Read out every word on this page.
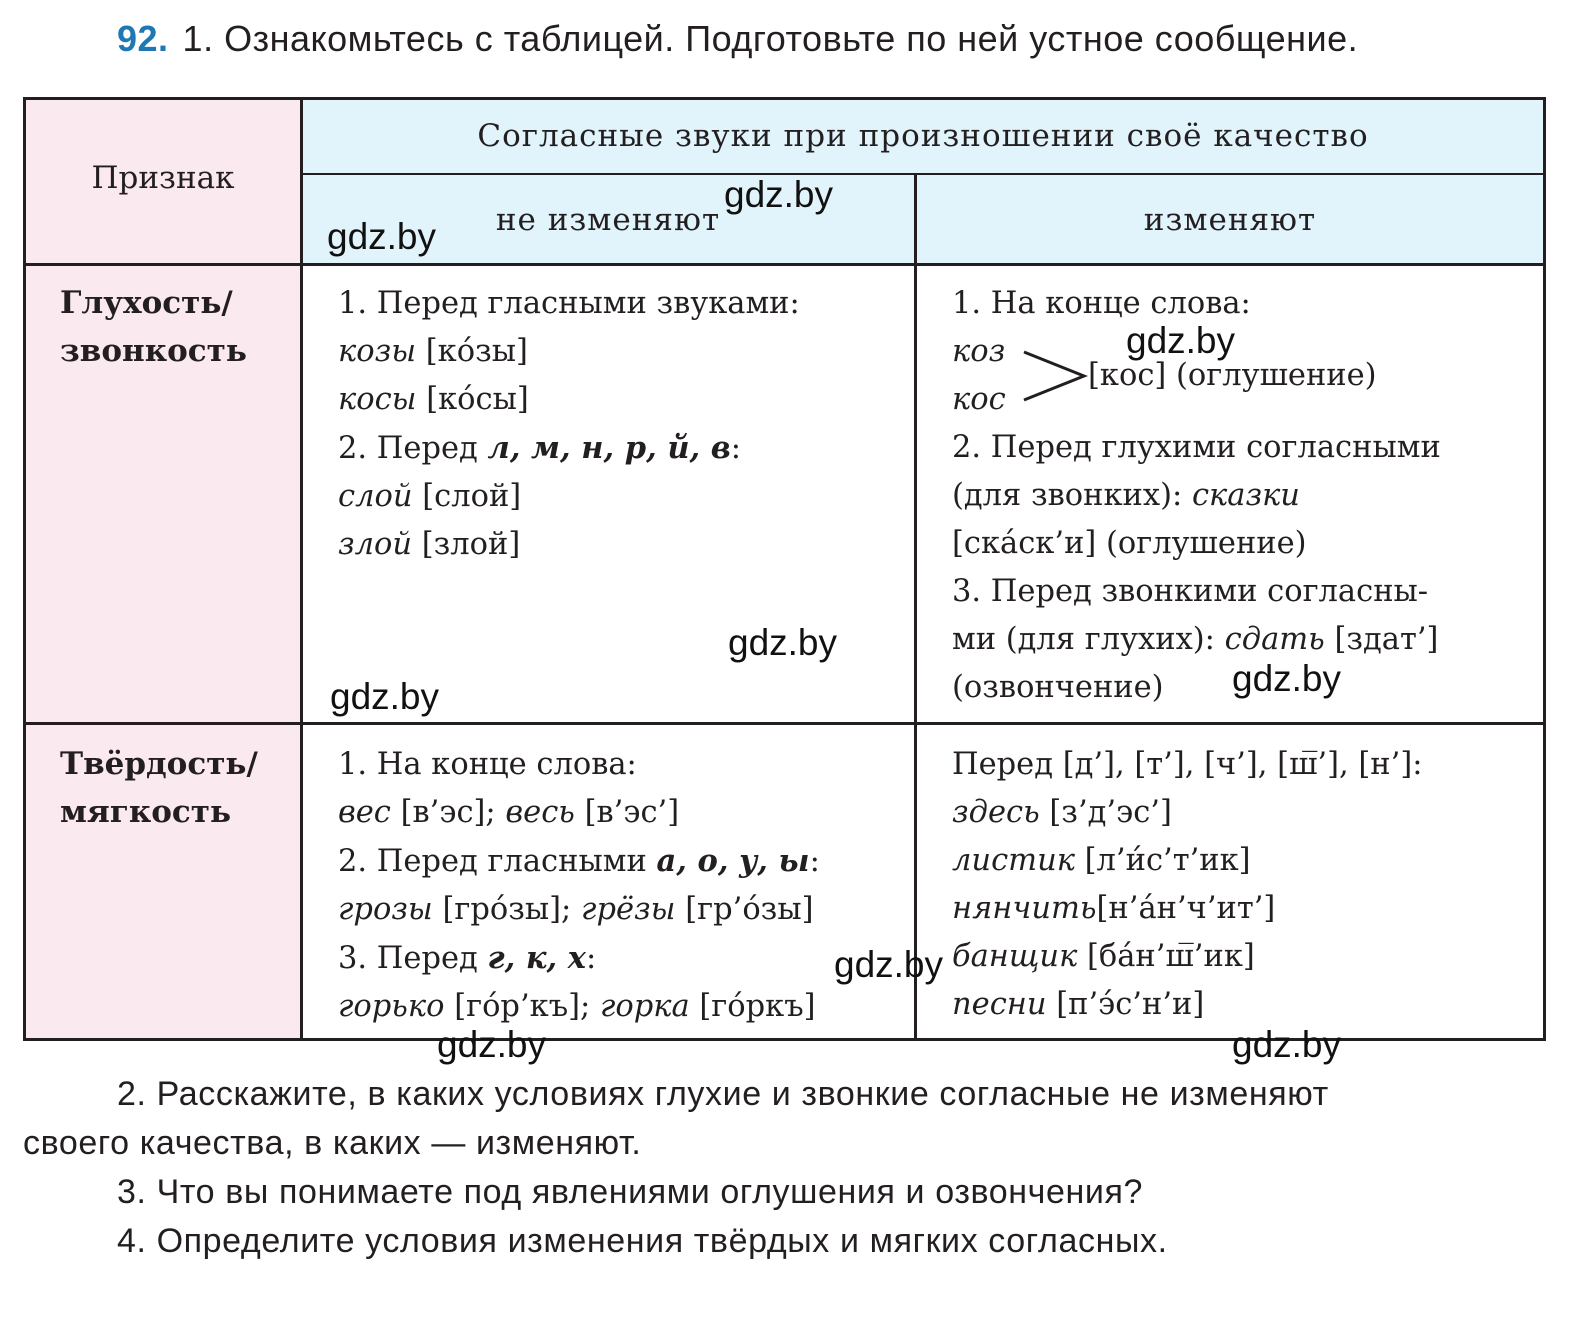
92. 1. Ознакомьтесь с таблицей. Подготовьте по ней устное сообщение.
Признак
Согласные звуки при произношении своё качество
не изменяют	изменяют
Глухость/
звонкость
1. Перед гласными звуками:
козы [ко́зы]
косы [ко́сы]
2. Перед л, м, н, р, й, в:
слой [слой]
злой [злой]
1. На конце слова:
коз
кос
[кос] (оглушение)
2. Перед глухими согласными
(для звонких): сказки
[ска́ск’и] (оглушение)
3. Перед звонкими согласны-
ми (для глухих): сдать [здат’]
(озвончение)
Твёрдость/
мягкость
1. На конце слова:
вес [в’эс]; весь [в’эс’]
2. Перед гласными а, о, у, ы:
грозы [гро́зы]; грёзы [гр’о́зы]
3. Перед г, к, х:
горько [го́р’къ]; горка [го́ркъ]
Перед [д’], [т’], [ч’], [ш̅’], [н’]:
здесь [з’д’эс’]
листик [л’и́с’т’ик]
нянчить[н’а́н’ч’ит’]
банщик [ба́н’ш̅’ик]
песни [п’э́с’н’и]
gdz.by
gdz.by
gdz.by
gdz.by
gdz.by
gdz.by
gdz.by
gdz.by	gdz.by
2. Расскажите, в каких условиях глухие и звонкие согласные не изменяют
своего качества, в каких — изменяют.
3. Что вы понимаете под явлениями оглушения и озвончения?
4. Определите условия изменения твёрдых и мягких согласных.
